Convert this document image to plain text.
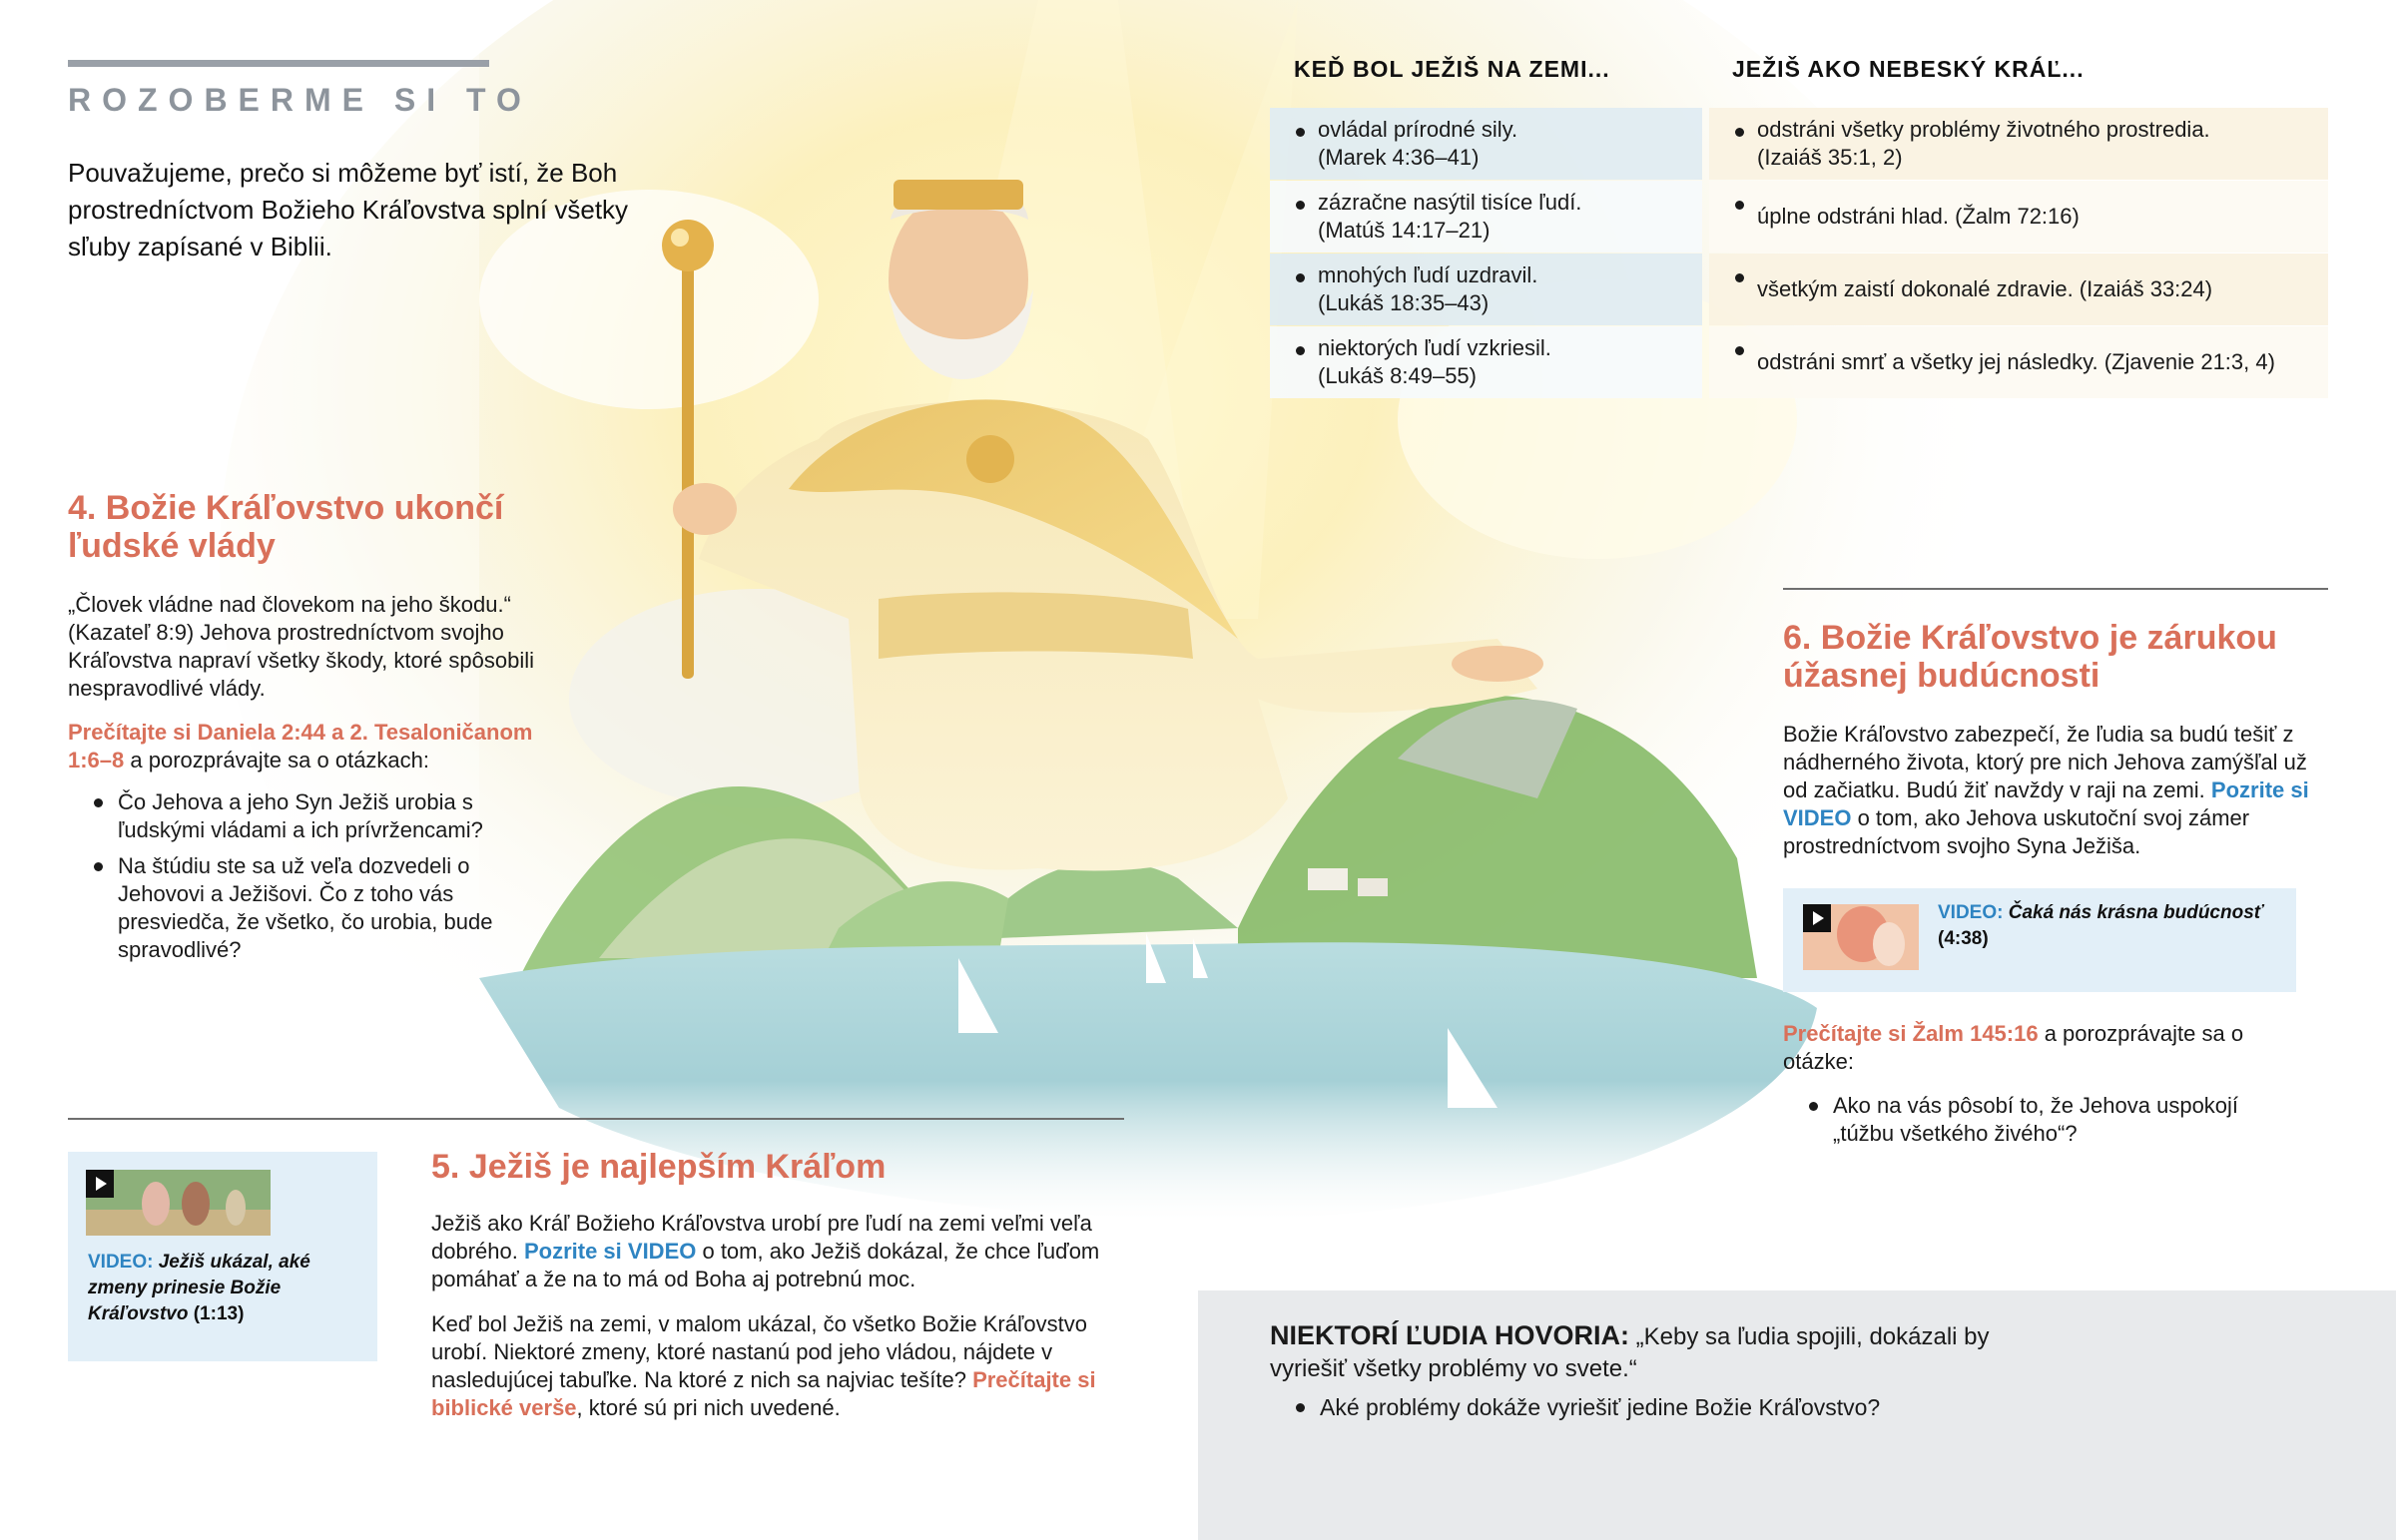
ROZOBERME SI TO
Pouvažujeme, prečo si môžeme byť istí, že Boh prostredníctvom Božieho Kráľovstva splní všetky sľuby zapísané v Biblii.
KEĎ BOL JEŽIŠ NA ZEMI...	JEŽIŠ AKO NEBESKÝ KRÁĽ...
ovládal prírodné sily.
(Marek 4:36–41)
odstráni všetky problémy životného prostredia.
(Izaiáš 35:1, 2)
zázračne nasýtil tisíce ľudí.
(Matúš 14:17–21)
úplne odstráni hlad. (Žalm 72:16)
mnohých ľudí uzdravil.
(Lukáš 18:35–43)
všetkým zaistí dokonalé zdravie. (Izaiáš 33:24)
niektorých ľudí vzkriesil.
(Lukáš 8:49–55)
odstráni smrť a všetky jej následky. (Zjavenie 21:3, 4)
4. Božie Kráľovstvo ukončí
ľudské vlády
„Človek vládne nad človekom na jeho škodu.“ (Kazateľ 8:9) Jehova prostredníctvom svojho Kráľovstva napraví všetky škody, ktoré spôsobili nespravodlivé vlády.
Prečítajte si Daniela 2:44 a 2. Tesaloničanom 1:6–8 a porozprávajte sa o otázkach:
Čo Jehova a jeho Syn Ježiš urobia s ľudskými vládami a ich prívržencami?
Na štúdiu ste sa už veľa dozvedeli o Jehovovi a Ježišovi. Čo z toho vás presviedča, že všetko, čo urobia, bude spravodlivé?
VIDEO: Ježiš ukázal, aké zmeny prinesie Božie Kráľovstvo (1:13)
5. Ježiš je najlepším Kráľom
Ježiš ako Kráľ Božieho Kráľovstva urobí pre ľudí na zemi veľmi veľa dobrého. Pozrite si VIDEO o tom, ako Ježiš dokázal, že chce ľuďom pomáhať a že na to má od Boha aj potrebnú moc.
Keď bol Ježiš na zemi, v malom ukázal, čo všetko Božie Kráľovstvo urobí. Niektoré zmeny, ktoré nastanú pod jeho vládou, nájdete v nasledujúcej tabuľke. Na ktoré z nich sa najviac tešíte? Prečítajte si biblické verše, ktoré sú pri nich uvedené.
6. Božie Kráľovstvo je zárukou
úžasnej budúcnosti
Božie Kráľovstvo zabezpečí, že ľudia sa budú tešiť z nádherného života, ktorý pre nich Jehova zamýšľal už od začiatku. Budú žiť navždy v raji na zemi. Pozrite si VIDEO o tom, ako Jehova uskutoční svoj zámer prostredníctvom svojho Syna Ježiša.
VIDEO: Čaká nás krásna budúcnosť
(4:38)
Prečítajte si Žalm 145:16 a porozprávajte sa o otázke:
Ako na vás pôsobí to, že Jehova uspokojí „túžbu všetkého živého“?
NIEKTORÍ ĽUDIA HOVORIA: „Keby sa ľudia spojili, dokázali by vyriešiť všetky problémy vo svete.“
Aké problémy dokáže vyriešiť jedine Božie Kráľovstvo?
